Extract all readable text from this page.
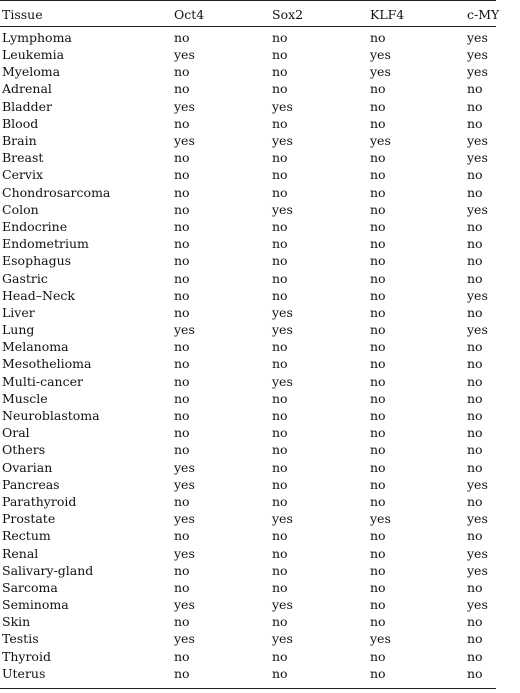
Tissue	Oct4	Sox2	KLF4	c-MY
Lymphoma	no	no	no	yes
Leukemia	yes	no	yes	yes
Myeloma	no	no	yes	yes
Adrenal	no	no	no	no
Bladder	yes	yes	no	no
Blood	no	no	no	no
Brain	yes	yes	yes	yes
Breast	no	no	no	yes
Cervix	no	no	no	no
Chondrosarcoma	no	no	no	no
Colon	no	yes	no	yes
Endocrine	no	no	no	no
Endometrium	no	no	no	no
Esophagus	no	no	no	no
Gastric	no	no	no	no
Head–Neck	no	no	no	yes
Liver	no	yes	no	no
Lung	yes	yes	no	yes
Melanoma	no	no	no	no
Mesothelioma	no	no	no	no
Multi-cancer	no	yes	no	no
Muscle	no	no	no	no
Neuroblastoma	no	no	no	no
Oral	no	no	no	no
Others	no	no	no	no
Ovarian	yes	no	no	no
Pancreas	yes	no	no	yes
Parathyroid	no	no	no	no
Prostate	yes	yes	yes	yes
Rectum	no	no	no	no
Renal	yes	no	no	yes
Salivary-gland	no	no	no	yes
Sarcoma	no	no	no	no
Seminoma	yes	yes	no	yes
Skin	no	no	no	no
Testis	yes	yes	yes	no
Thyroid	no	no	no	no
Uterus	no	no	no	no
